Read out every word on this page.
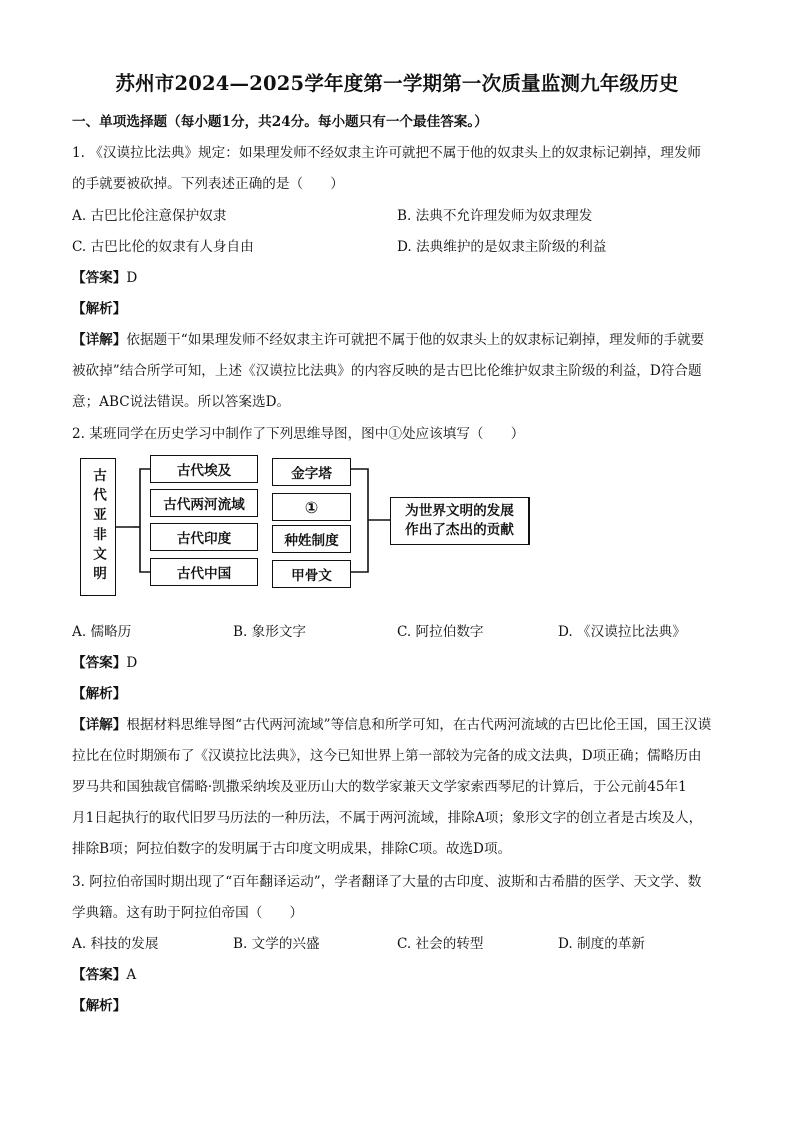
苏州市2024—2025学年度第一学期第一次质量监测九年级历史
一、单项选择题（每小题1分，共24分。每小题只有一个最佳答案。）
1. 《汉谟拉比法典》规定：如果理发师不经奴隶主许可就把不属于他的奴隶头上的奴隶标记剃掉，理发师
的手就要被砍掉。下列表述正确的是（　　）
A. 古巴比伦注意保护奴隶	B. 法典不允许理发师为奴隶理发
C. 古巴比伦的奴隶有人身自由	D. 法典维护的是奴隶主阶级的利益
【答案】D
【解析】
【详解】依据题干“如果理发师不经奴隶主许可就把不属于他的奴隶头上的奴隶标记剃掉，理发师的手就要
被砍掉”结合所学可知，上述《汉谟拉比法典》的内容反映的是古巴比伦维护奴隶主阶级的利益，D符合题
意；ABC说法错误。所以答案选D。
2. 某班同学在历史学习中制作了下列思维导图，图中①处应该填写（　　）
古代亚非文明	古代埃及
古代两河流域
古代印度
古代中国
金字塔
①
种姓制度
甲骨文
为世界文明的发展
作出了杰出的贡献
A. 儒略历	B. 象形文字	C. 阿拉伯数字	D. 《汉谟拉比法典》
【答案】D
【解析】
【详解】根据材料思维导图“古代两河流域”等信息和所学可知，在古代两河流域的古巴比伦王国，国王汉谟
拉比在位时期颁布了《汉谟拉比法典》，这今已知世界上第一部较为完备的成文法典，D项正确；儒略历由
罗马共和国独裁官儒略·凯撒采纳埃及亚历山大的数学家兼天文学家索西琴尼的计算后，于公元前45年1
月1日起执行的取代旧罗马历法的一种历法，不属于两河流域，排除A项；象形文字的创立者是古埃及人，
排除B项；阿拉伯数字的发明属于古印度文明成果，排除C项。故选D项。
3. 阿拉伯帝国时期出现了“百年翻译运动”，学者翻译了大量的古印度、波斯和古希腊的医学、天文学、数
学典籍。这有助于阿拉伯帝国（　　）
A. 科技的发展	B. 文学的兴盛	C. 社会的转型	D. 制度的革新
【答案】A
【解析】
